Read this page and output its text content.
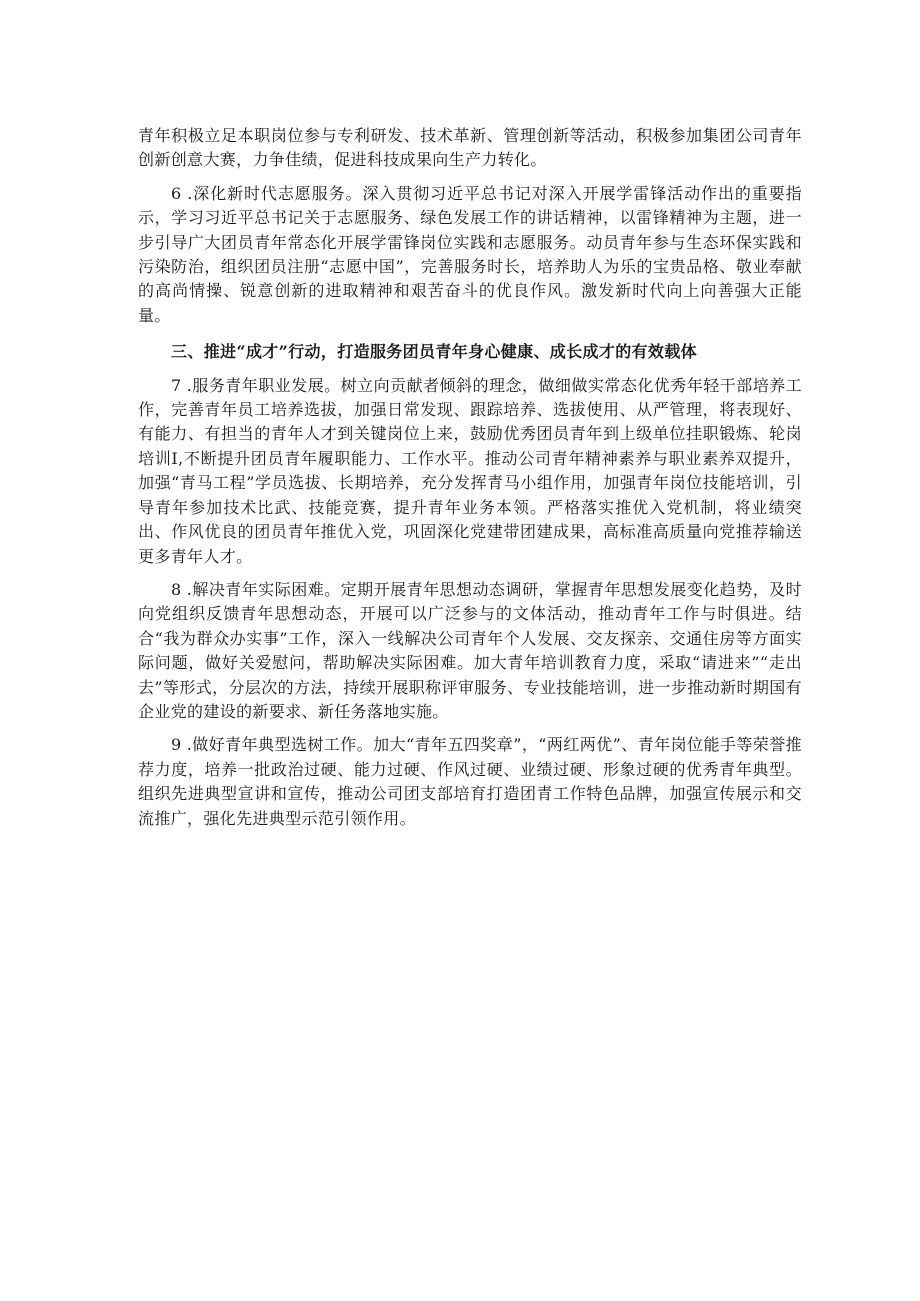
青年积极立足本职岗位参与专利研发、技术革新、管理创新等活动，积极参加集团公司青年创新创意大赛，力争佳绩，促进科技成果向生产力转化。

6 .深化新时代志愿服务。深入贯彻习近平总书记对深入开展学雷锋活动作出的重要指示，学习习近平总书记关于志愿服务、绿色发展工作的讲话精神，以雷锋精神为主题，进一步引导广大团员青年常态化开展学雷锋岗位实践和志愿服务。动员青年参与生态环保实践和污染防治，组织团员注册“志愿中国”，完善服务时长，培养助人为乐的宝贵品格、敬业奉献的高尚情操、锐意创新的进取精神和艰苦奋斗的优良作风。激发新时代向上向善强大正能量。

三、推进“成才”行动，打造服务团员青年身心健康、成长成才的有效载体

7 .服务青年职业发展。树立向贡献者倾斜的理念，做细做实常态化优秀年轻干部培养工作，完善青年员工培养选拔，加强日常发现、跟踪培养、选拔使用、从严管理，将表现好、有能力、有担当的青年人才到关键岗位上来，鼓励优秀团员青年到上级单位挂职锻炼、轮岗培训I,不断提升团员青年履职能力、工作水平。推动公司青年精神素养与职业素养双提升，加强“青马工程”学员选拔、长期培养，充分发挥青马小组作用，加强青年岗位技能培训，引导青年参加技术比武、技能竞赛，提升青年业务本领。严格落实推优入党机制，将业绩突出、作风优良的团员青年推优入党，巩固深化党建带团建成果，高标准高质量向党推荐输送更多青年人才。

8 .解决青年实际困难。定期开展青年思想动态调研，掌握青年思想发展变化趋势，及时向党组织反馈青年思想动态，开展可以广泛参与的文体活动，推动青年工作与时俱进。结合“我为群众办实事”工作，深入一线解决公司青年个人发展、交友探亲、交通住房等方面实际问题，做好关爱慰问，帮助解决实际困难。加大青年培训教育力度，采取“请进来”“走出去”等形式，分层次的方法，持续开展职称评审服务、专业技能培训，进一步推动新时期国有企业党的建设的新要求、新任务落地实施。

9 .做好青年典型选树工作。加大“青年五四奖章”，“两红两优”、青年岗位能手等荣誉推荐力度，培养一批政治过硬、能力过硬、作风过硬、业绩过硬、形象过硬的优秀青年典型。组织先进典型宣讲和宣传，推动公司团支部培育打造团青工作特色品牌，加强宣传展示和交流推广，强化先进典型示范引领作用。
